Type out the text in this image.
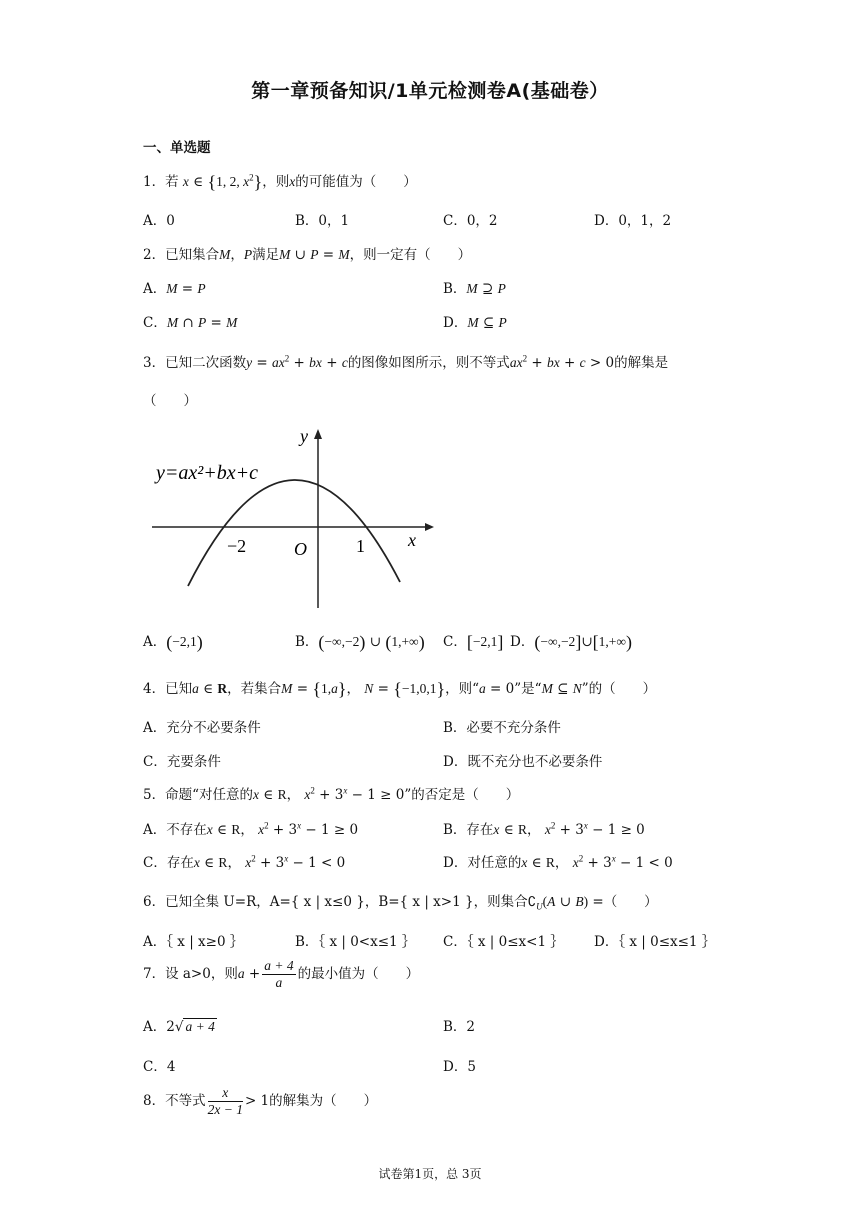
第一章预备知识/1单元检测卷A(基础卷）
一、单选题
1．若 x ∈ {1, 2, $x^2$}，则x的可能值为（　　）
A．0	B．0，1	C．0，2	D．0，1，2
2．已知集合M，P满足M ∪ P = M，则一定有（　　）
A．M = P	B．M ⊇ P
C．M ∩ P = M	D．M ⊆ P
3．已知二次函数$y = ax^2$ + bx + c的图像如图所示，则不等式$ax^2$ + bx + c > 0的解集是
（　　）
y=ax²+bx+c
y
x
O
−2	1
A．(−2,1)	B．(−∞,−2) ∪ (1,+∞) C．[−2,1] D．(−∞,−2]∪[1,+∞)
4．已知a ∈ R，若集合M = {1,a}， N = {−1,0,1}，则“a = 0”是“M ⊆ N”的（　　）
A．充分不必要条件	B．必要不充分条件
C．充要条件	D．既不充分也不必要条件
5．命题“对任意的x ∈ R， $x^2 + 3^x - 1 \ge 0$”的否定是（　　）
A．不存在x ∈ R， $x^2 + 3^x - 1 \ge 0$	B．存在x ∈ R， $x^2 + 3^x - 1 \ge 0$
C．存在x ∈ R， $x^2 + 3^x - 1 < 0$	D．对任意的x ∈ R， $x^2 + 3^x - 1 < 0$
6．已知全集 U=R，A={ x | x≤0 }，B={ x | x>1 }，则集合$∁_U(A$ ∪ B) =（　　）
A．｛ x | x≥0 ｝	B．｛ x | 0<x≤1 ｝ C．｛ x | 0≤x<1 ｝ D．｛ x | 0≤x≤1 ｝
7．设 a>0，则$a + \frac{a + 4}{a}$ 的最小值为（　　）
A．2√ a + 4	B．2
C．4	D．5
8．不等式 $\frac{x}{2x - 1} > 1$的解集为（　　）
试卷第1页，总 3页
